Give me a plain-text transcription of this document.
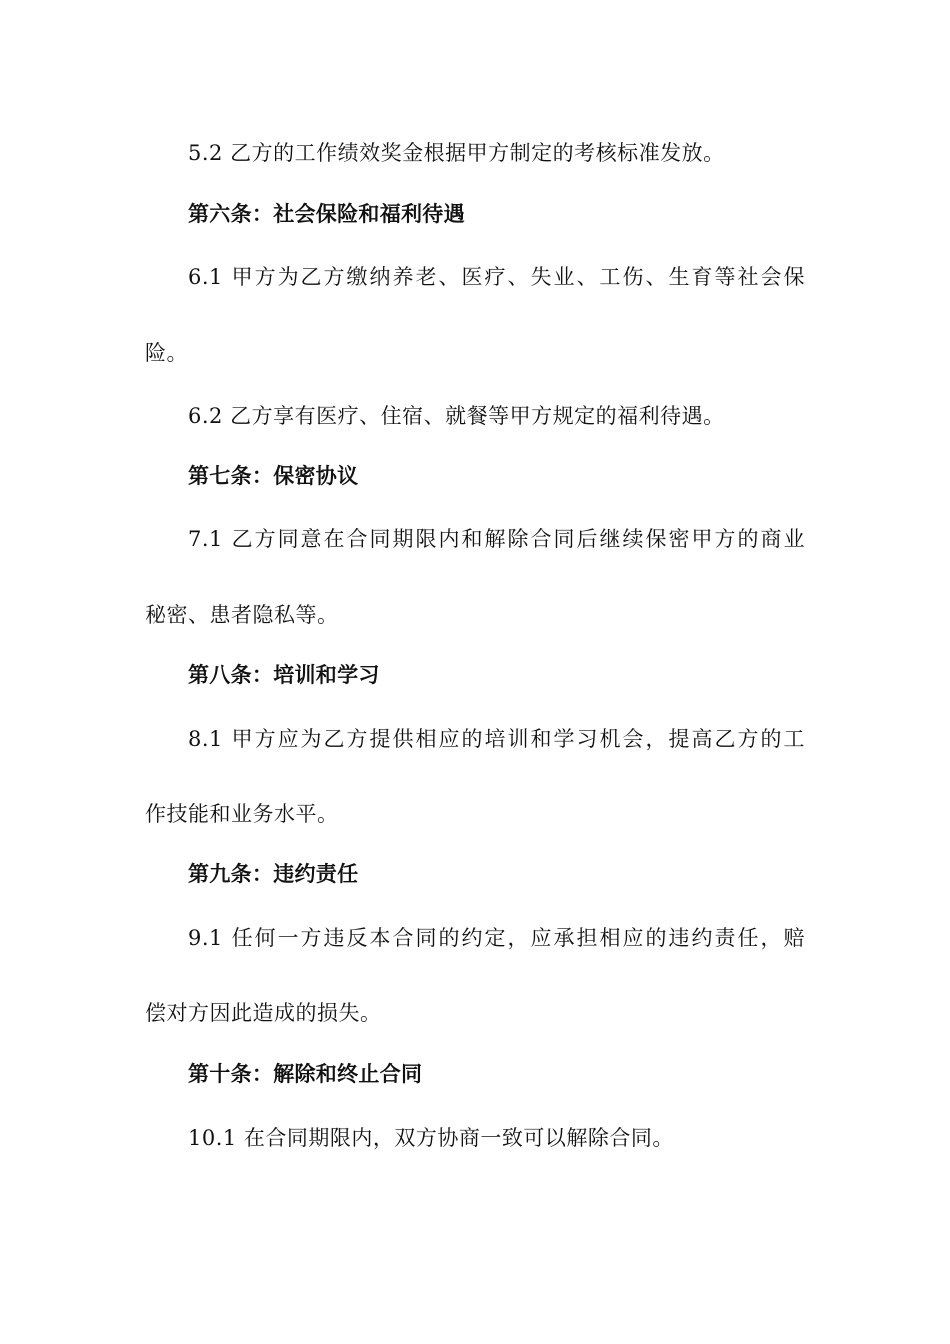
5.2 乙方的工作绩效奖金根据甲方制定的考核标准发放。
第六条：社会保险和福利待遇
6.1 甲方为乙方缴纳养老、医疗、失业、工伤、生育等社会保
险。
6.2 乙方享有医疗、住宿、就餐等甲方规定的福利待遇。
第七条：保密协议
7.1 乙方同意在合同期限内和解除合同后继续保密甲方的商业
秘密、患者隐私等。
第八条：培训和学习
8.1 甲方应为乙方提供相应的培训和学习机会，提高乙方的工
作技能和业务水平。
第九条：违约责任
9.1 任何一方违反本合同的约定，应承担相应的违约责任，赔
偿对方因此造成的损失。
第十条：解除和终止合同
10.1 在合同期限内，双方协商一致可以解除合同。
